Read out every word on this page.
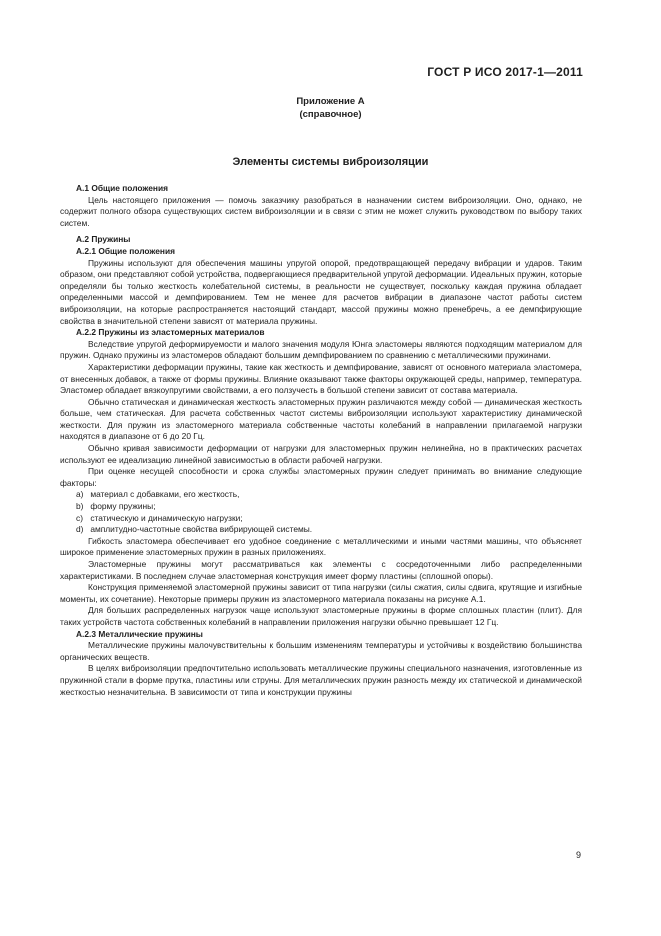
ГОСТ Р ИСО 2017-1—2011
Приложение А
(справочное)
Элементы системы виброизоляции
А.1 Общие положения

Цель настоящего приложения — помочь заказчику разобраться в назначении систем виброизоляции. Оно, однако, не содержит полного обзора существующих систем виброизоляции и в связи с этим не может служить руководством по выбору таких систем.

А.2 Пружины
А.2.1 Общие положения

Пружины используют для обеспечения машины упругой опорой, предотвращающей передачу вибрации и ударов. Таким образом, они представляют собой устройства, подвергающиеся предварительной упругой деформации. Идеальных пружин, которые определяли бы только жесткость колебательной системы, в реальности не существует, поскольку каждая пружина обладает определенными массой и демпфированием. Тем не менее для расчетов вибрации в диапазоне частот работы систем виброизоляции, на которые распространяется настоящий стандарт, массой пружины можно пренебречь, а ее демпфирующие свойства в значительной степени зависят от материала пружины.

А.2.2 Пружины из эластомерных материалов

Вследствие упругой деформируемости и малого значения модуля Юнга эластомеры являются подходящим материалом для пружин. Однако пружины из эластомеров обладают большим демпфированием по сравнению с металлическими пружинами.

Характеристики деформации пружины, такие как жесткость и демпфирование, зависят от основного материала эластомера, от внесенных добавок, а также от формы пружины. Влияние оказывают также факторы окружающей среды, например, температура. Эластомер обладает вязкоупругими свойствами, а его ползучесть в большой степени зависит от состава материала.

Обычно статическая и динамическая жесткость эластомерных пружин различаются между собой — динамическая жесткость больше, чем статическая. Для расчета собственных частот системы виброизоляции используют характеристику динамической жесткости. Для пружин из эластомерного материала собственные частоты колебаний в направлении прилагаемой нагрузки находятся в диапазоне от 6 до 20 Гц.

Обычно кривая зависимости деформации от нагрузки для эластомерных пружин нелинейна, но в практических расчетах используют ее идеализацию линейной зависимостью в области рабочей нагрузки.

При оценке несущей способности и срока службы эластомерных пружин следует принимать во внимание следующие факторы:

a) материал с добавками, его жесткость,
b) форму пружины;
c) статическую и динамическую нагрузки;
d) амплитудно-частотные свойства вибрирующей системы.

Гибкость эластомера обеспечивает его удобное соединение с металлическими и иными частями машины, что объясняет широкое применение эластомерных пружин в разных приложениях.

Эластомерные пружины могут рассматриваться как элементы с сосредоточенными либо распределенными характеристиками. В последнем случае эластомерная конструкция имеет форму пластины (сплошной опоры).

Конструкция применяемой эластомерной пружины зависит от типа нагрузки (силы сжатия, силы сдвига, крутящие и изгибные моменты, их сочетание). Некоторые примеры пружин из эластомерного материала показаны на рисунке А.1.

Для больших распределенных нагрузок чаще используют эластомерные пружины в форме сплошных пластин (плит). Для таких устройств частота собственных колебаний в направлении приложения нагрузки обычно превышает 12 Гц.

А.2.3 Металлические пружины

Металлические пружины малочувствительны к большим изменениям температуры и устойчивы к воздействию большинства органических веществ.

В целях виброизоляции предпочтительно использовать металлические пружины специального назначения, изготовленные из пружинной стали в форме прутка, пластины или струны. Для металлических пружин разность между их статической и динамической жесткостью незначительна. В зависимости от типа и конструкции пружины

9
